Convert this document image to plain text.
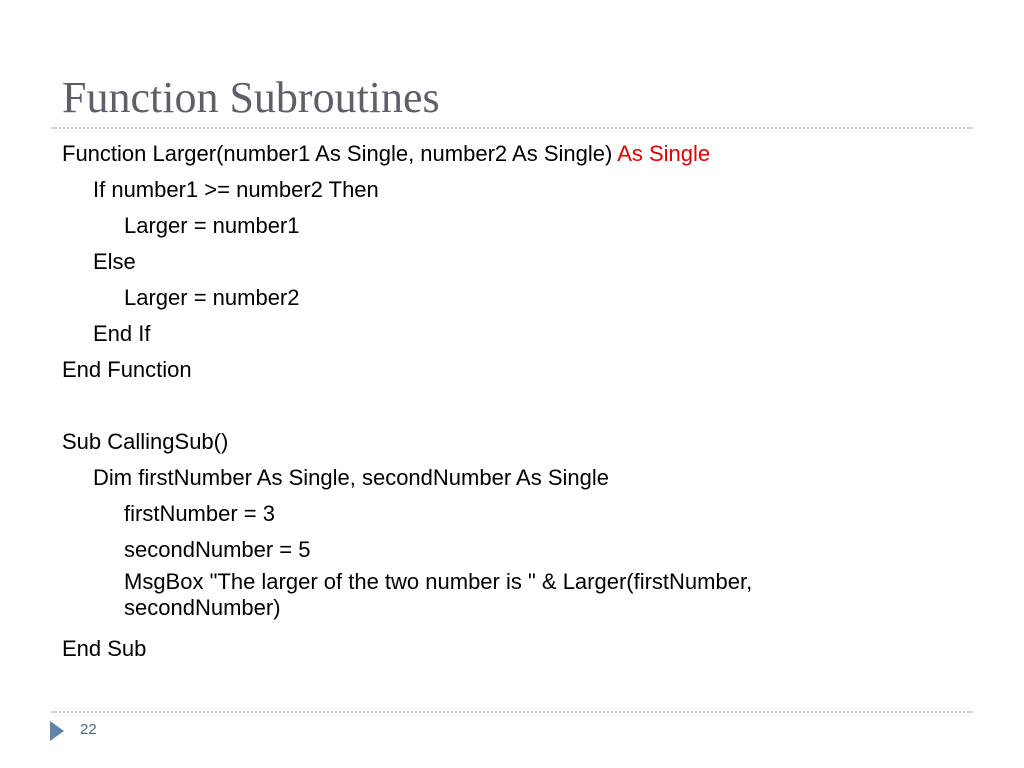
Function Subroutines
Function Larger(number1 As Single, number2 As Single) As Single
If number1 >= number2 Then
Larger = number1
Else
Larger = number2
End If
End Function
Sub CallingSub()
Dim firstNumber As Single, secondNumber As Single
firstNumber = 3
secondNumber = 5
MsgBox "The larger of the two number is " & Larger(firstNumber,
secondNumber)
End Sub
22
